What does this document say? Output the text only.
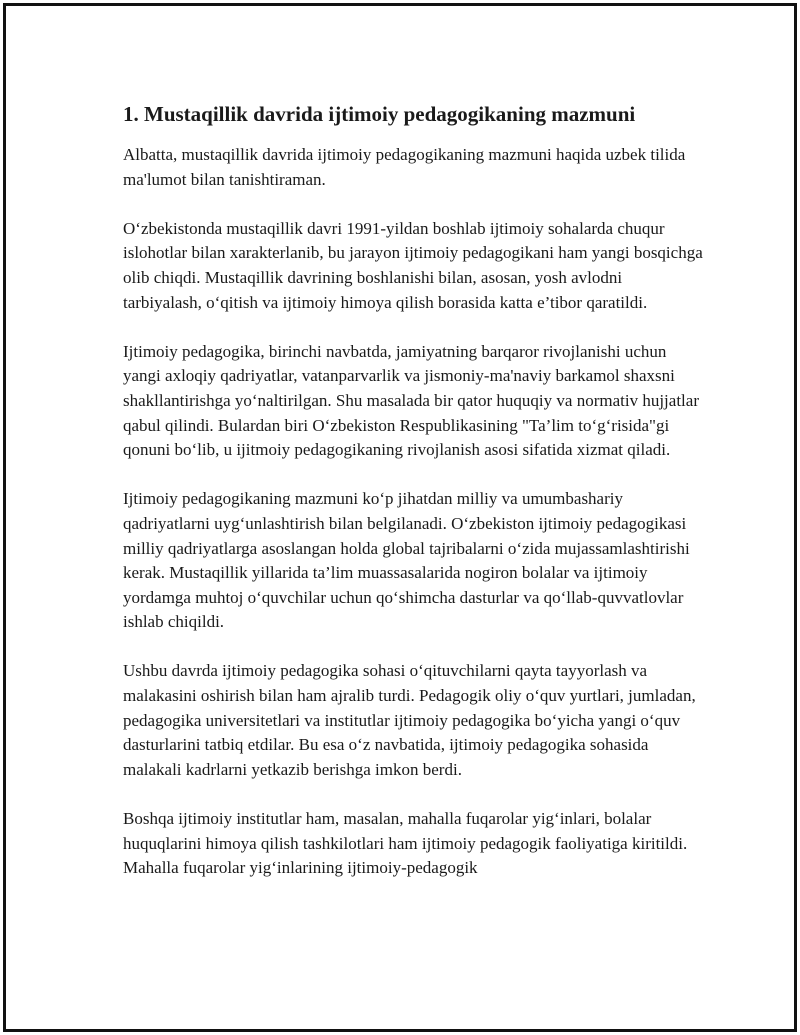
1. Mustaqillik davrida ijtimoiy pedagogikaning mazmuni

Albatta, mustaqillik davrida ijtimoiy pedagogikaning mazmuni haqida uzbek tilida ma'lumot bilan tanishtiraman.

O‘zbekistonda mustaqillik davri 1991-yildan boshlab ijtimoiy sohalarda chuqur islohotlar bilan xarakterlanib, bu jarayon ijtimoiy pedagogikani ham yangi bosqichga olib chiqdi. Mustaqillik davrining boshlanishi bilan, asosan, yosh avlodni tarbiyalash, o‘qitish va ijtimoiy himoya qilish borasida katta e’tibor qaratildi.

Ijtimoiy pedagogika, birinchi navbatda, jamiyatning barqaror rivojlanishi uchun yangi axloqiy qadriyatlar, vatanparvarlik va jismoniy-ma'naviy barkamol shaxsni shakllantirishga yo‘naltirilgan. Shu masalada bir qator huquqiy va normativ hujjatlar qabul qilindi. Bulardan biri O‘zbekiston Respublikasining "Ta’lim to‘g‘risida"gi qonuni bo‘lib, u ijitmoiy pedagogikaning rivojlanish asosi sifatida xizmat qiladi.

Ijtimoiy pedagogikaning mazmuni ko‘p jihatdan milliy va umumbashariy qadriyatlarni uyg‘unlashtirish bilan belgilanadi. O‘zbekiston ijtimoiy pedagogikasi milliy qadriyatlarga asoslangan holda global tajribalarni o‘zida mujassamlashtirishi kerak. Mustaqillik yillarida ta’lim muassasalarida nogiron bolalar va ijtimoiy yordamga muhtoj o‘quvchilar uchun qo‘shimcha dasturlar va qo‘llab-quvvatlovlar ishlab chiqildi.

Ushbu davrda ijtimoiy pedagogika sohasi o‘qituvchilarni qayta tayyorlash va malakasini oshirish bilan ham ajralib turdi. Pedagogik oliy o‘quv yurtlari, jumladan, pedagogika universitetlari va institutlar ijtimoiy pedagogika bo‘yicha yangi o‘quv dasturlarini tatbiq etdilar. Bu esa o‘z navbatida, ijtimoiy pedagogika sohasida malakali kadrlarni yetkazib berishga imkon berdi.

Boshqa ijtimoiy institutlar ham, masalan, mahalla fuqarolar yig‘inlari, bolalar huquqlarini himoya qilish tashkilotlari ham ijtimoiy pedagogik faoliyatiga kiritildi. Mahalla fuqarolar yig‘inlarining ijtimoiy-pedagogik
